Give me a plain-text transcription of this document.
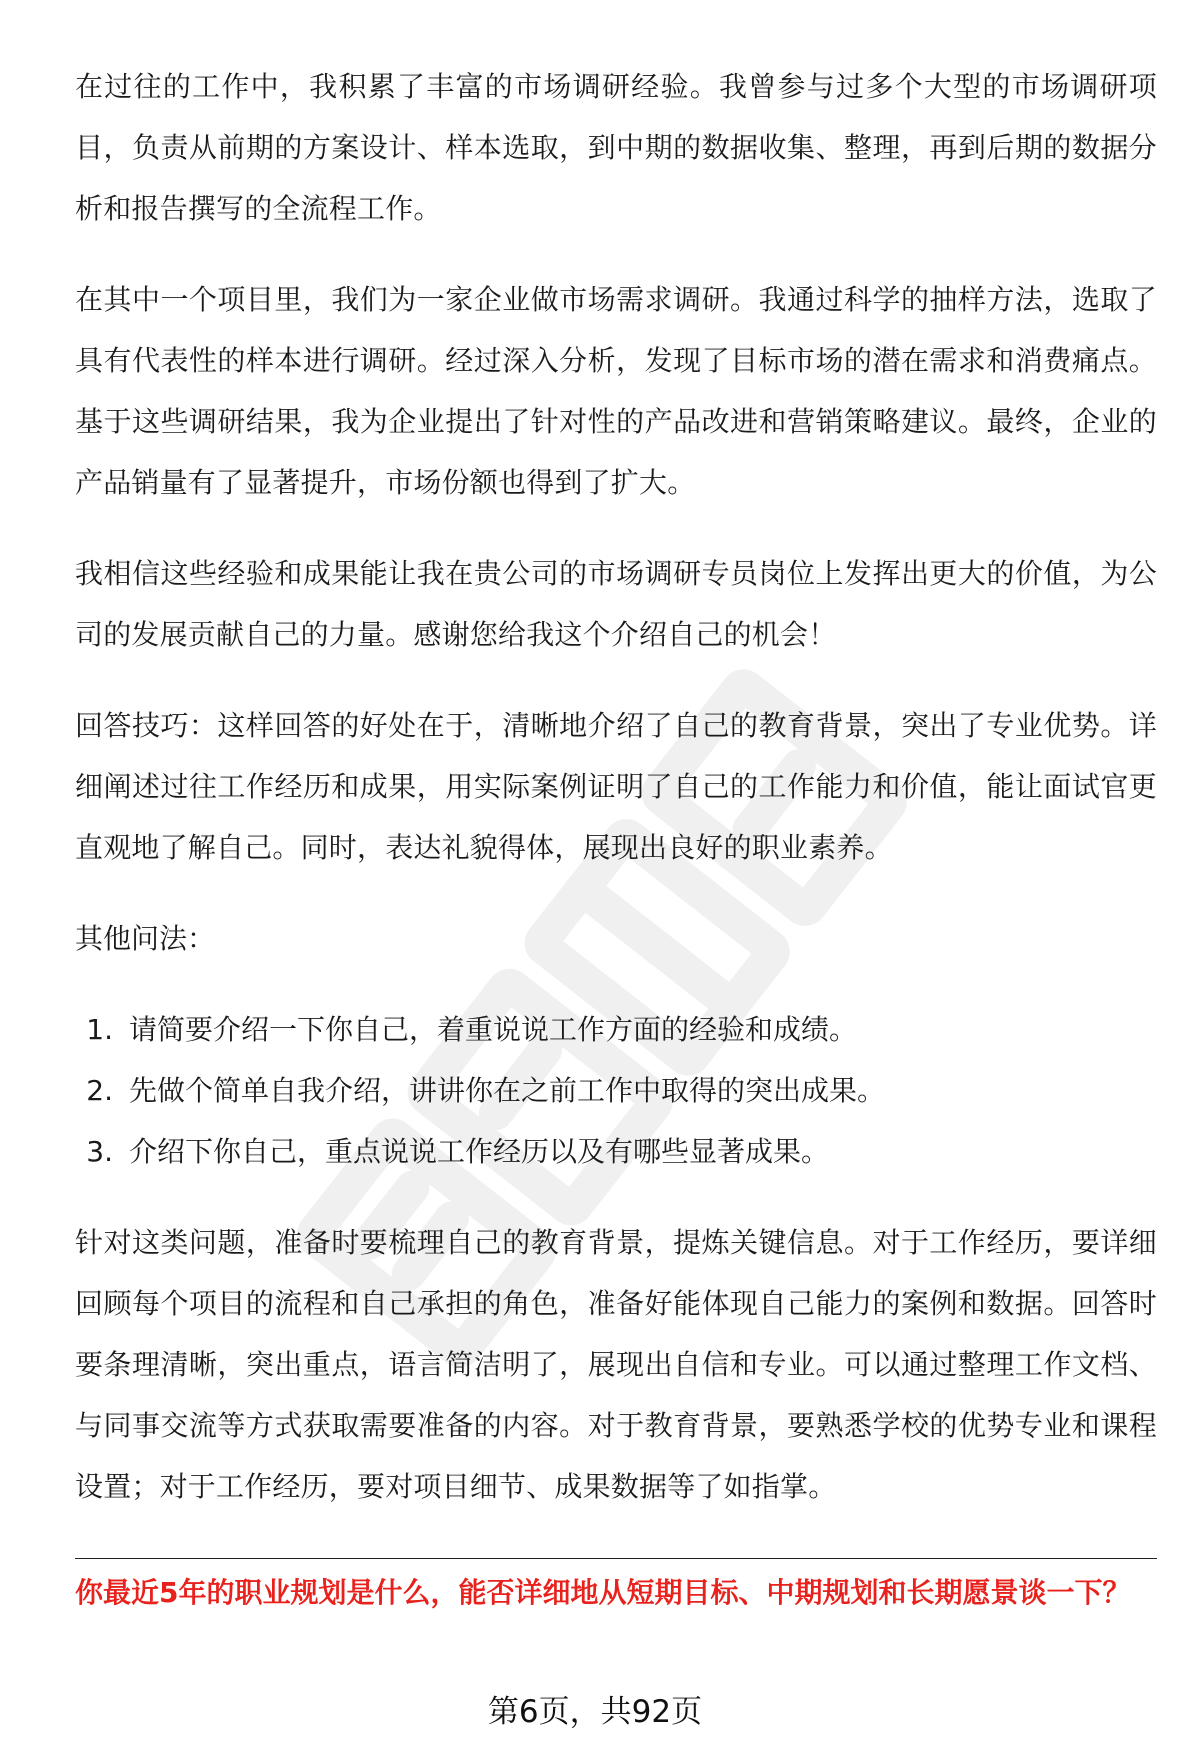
在过往的工作中，我积累了丰富的市场调研经验。我曾参与过多个大型的市场调研项目，负责从前期的方案设计、样本选取，到中期的数据收集、整理，再到后期的数据分析和报告撰写的全流程工作。

在其中一个项目里，我们为一家企业做市场需求调研。我通过科学的抽样方法，选取了具有代表性的样本进行调研。经过深入分析，发现了目标市场的潜在需求和消费痛点。基于这些调研结果，我为企业提出了针对性的产品改进和营销策略建议。最终，企业的产品销量有了显著提升，市场份额也得到了扩大。

我相信这些经验和成果能让我在贵公司的市场调研专员岗位上发挥出更大的价值，为公司的发展贡献自己的力量。感谢您给我这个介绍自己的机会！

回答技巧：这样回答的好处在于，清晰地介绍了自己的教育背景，突出了专业优势。详细阐述过往工作经历和成果，用实际案例证明了自己的工作能力和价值，能让面试官更直观地了解自己。同时，表达礼貌得体，展现出良好的职业素养。

其他问法：

1. 请简要介绍一下你自己，着重说说工作方面的经验和成绩。
2. 先做个简单自我介绍，讲讲你在之前工作中取得的突出成果。
3. 介绍下你自己，重点说说工作经历以及有哪些显著成果。

针对这类问题，准备时要梳理自己的教育背景，提炼关键信息。对于工作经历，要详细回顾每个项目的流程和自己承担的角色，准备好能体现自己能力的案例和数据。回答时要条理清晰，突出重点，语言简洁明了，展现出自信和专业。可以通过整理工作文档、与同事交流等方式获取需要准备的内容。对于教育背景，要熟悉学校的优势专业和课程设置；对于工作经历，要对项目细节、成果数据等了如指掌。

你最近5年的职业规划是什么，能否详细地从短期目标、中期规划和长期愿景谈一下？
第6页，共92页
